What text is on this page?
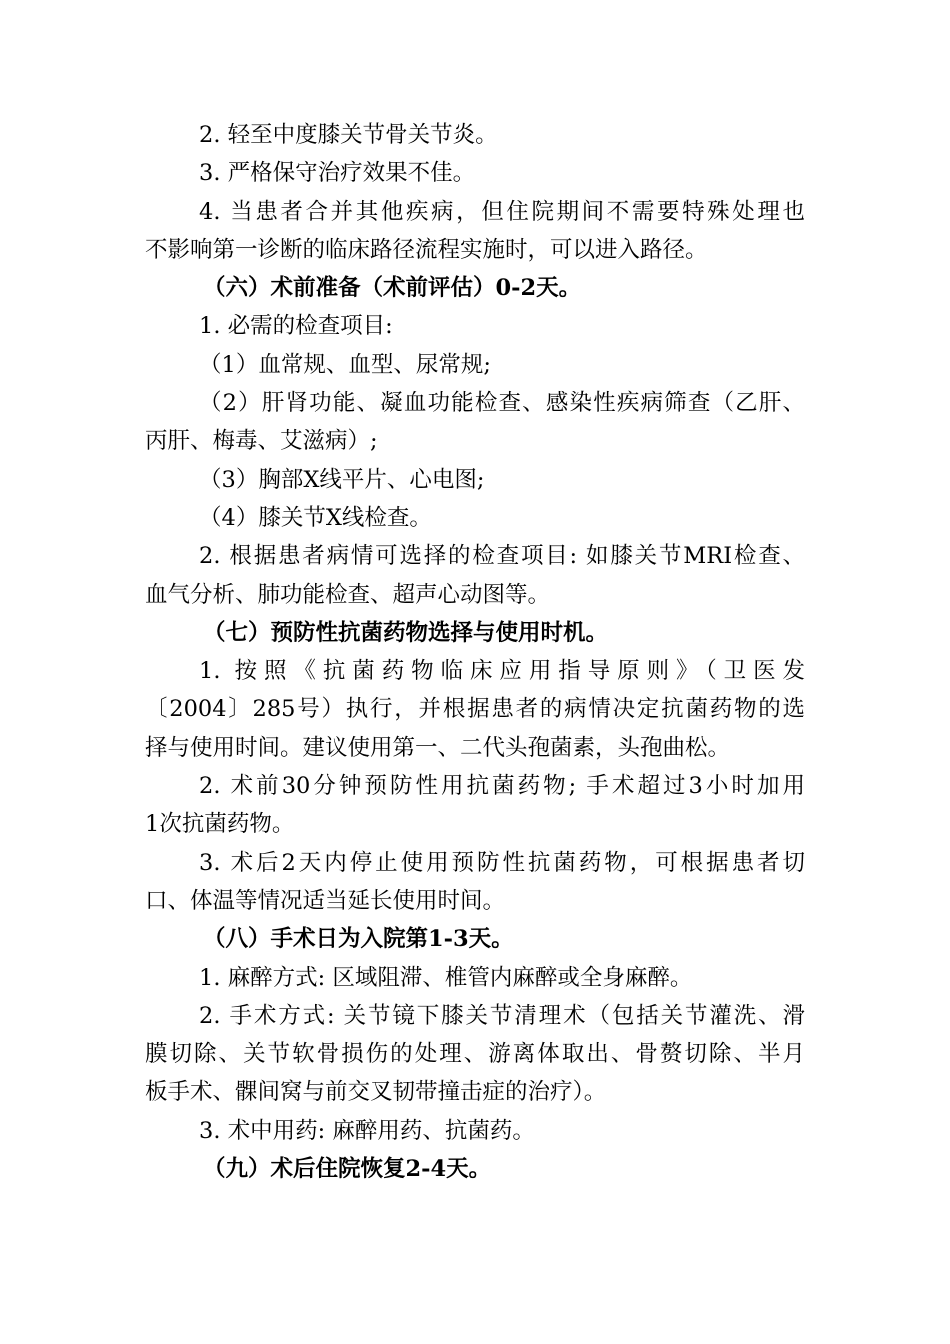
2. 轻至中度膝关节骨关节炎。
3. 严格保守治疗效果不佳。
4. 当患者合并其他疾病，但住院期间不需要特殊处理也
不影响第一诊断的临床路径流程实施时，可以进入路径。
（六）术前准备（术前评估）0-2天。
1. 必需的检查项目:
（1）血常规、血型、尿常规;
（2）肝肾功能、凝血功能检查、感染性疾病筛查（乙肝、
丙肝、梅毒、艾滋病）;
（3）胸部X线平片、心电图;
（4）膝关节X线检查。
2. 根据患者病情可选择的检查项目: 如膝关节MRI检查、
血气分析、肺功能检查、超声心动图等。
（七）预防性抗菌药物选择与使用时机。
1. 按照《抗菌药物临床应用指导原则》（卫医发
〔2004〕285号）执行，并根据患者的病情决定抗菌药物的选
择与使用时间。建议使用第一、二代头孢菌素，头孢曲松。
2. 术前30分钟预防性用抗菌药物; 手术超过3小时加用
1次抗菌药物。
3. 术后2天内停止使用预防性抗菌药物，可根据患者切
口、体温等情况适当延长使用时间。
（八）手术日为入院第1-3天。
1. 麻醉方式: 区域阻滞、椎管内麻醉或全身麻醉。
2. 手术方式: 关节镜下膝关节清理术（包括关节灌洗、滑
膜切除、关节软骨损伤的处理、游离体取出、骨赘切除、半月
板手术、髁间窝与前交叉韧带撞击症的治疗）。
3. 术中用药: 麻醉用药、抗菌药。
（九）术后住院恢复2-4天。
